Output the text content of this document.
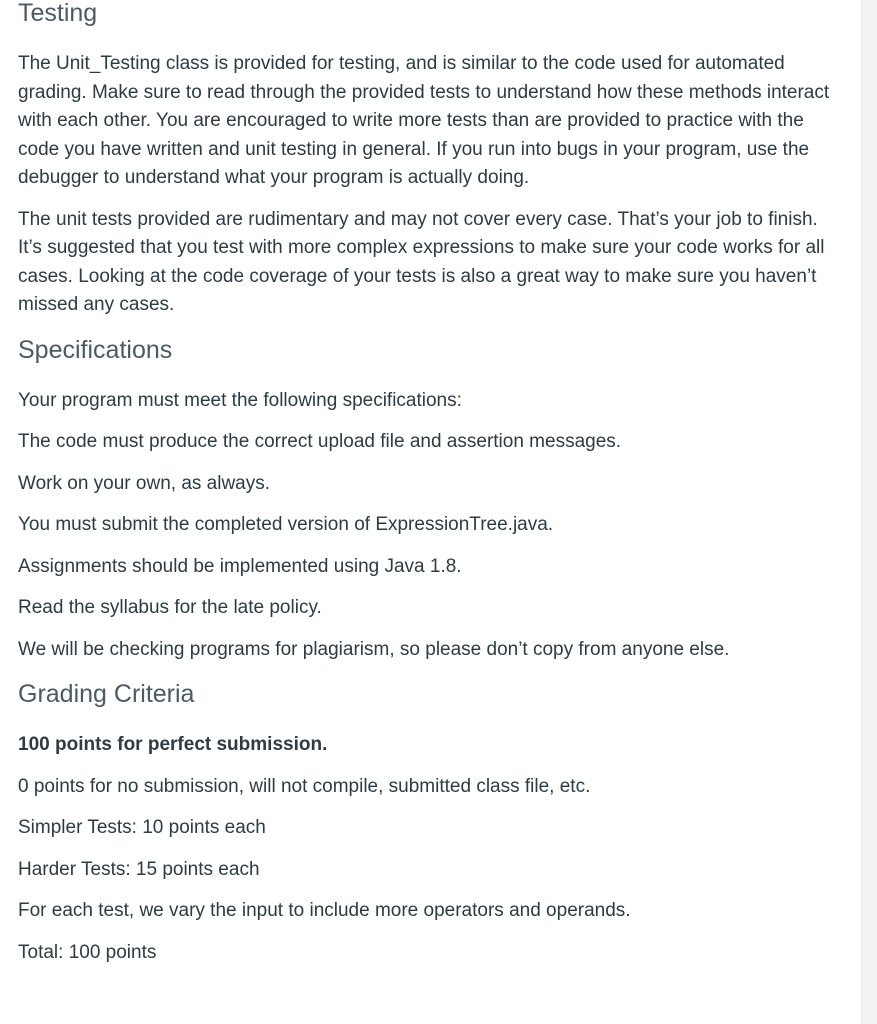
Testing

The Unit_Testing class is provided for testing, and is similar to the code used for automated grading. Make sure to read through the provided tests to understand how these methods interact with each other. You are encouraged to write more tests than are provided to practice with the code you have written and unit testing in general. If you run into bugs in your program, use the debugger to understand what your program is actually doing.

The unit tests provided are rudimentary and may not cover every case. That’s your job to finish. It’s suggested that you test with more complex expressions to make sure your code works for all cases. Looking at the code coverage of your tests is also a great way to make sure you haven’t missed any cases.

Specifications

Your program must meet the following specifications:

The code must produce the correct upload file and assertion messages.

Work on your own, as always.

You must submit the completed version of ExpressionTree.java.

Assignments should be implemented using Java 1.8.

Read the syllabus for the late policy.

We will be checking programs for plagiarism, so please don’t copy from anyone else.

Grading Criteria

100 points for perfect submission.

0 points for no submission, will not compile, submitted class file, etc.

Simpler Tests: 10 points each

Harder Tests: 15 points each

For each test, we vary the input to include more operators and operands.

Total: 100 points
